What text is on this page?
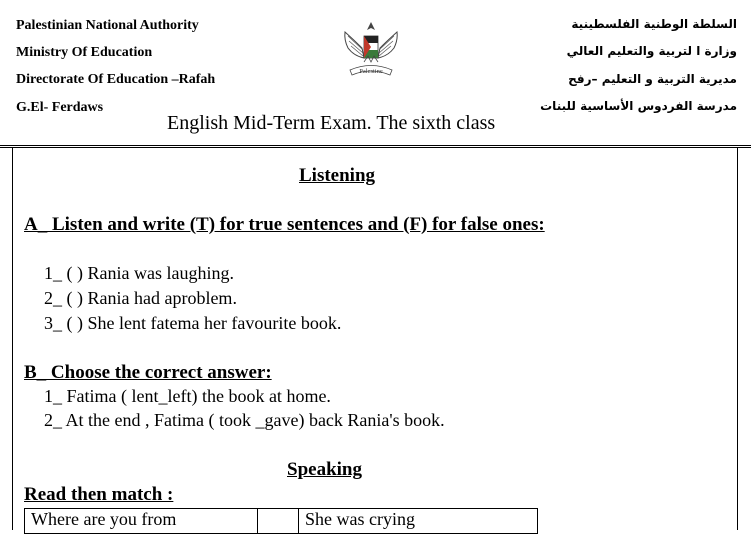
Palestinian National Authority
Ministry Of Education
Directorate Of Education –Rafah
G.El- Ferdaws
السلطة الوطنية الفلسطينية
وزارة ا لتربية والتعليم العالي
مديرية التربية و التعليم –رفح
مدرسة الفردوس الأساسية للبنات
Palestine
English Mid-Term Exam. The sixth class
Listening
A_ Listen and write (T) for true sentences and (F) for false ones:
1_ ( ) Rania was laughing.
2_ ( ) Rania had aproblem.
3_ ( ) She lent fatema her favourite book.
B_ Choose the correct answer:
1_ Fatima ( lent_left) the book at home.
2_ At the end , Fatima ( took _gave) back Rania's book.
Speaking
Read then match :
Where are you from		She was crying
